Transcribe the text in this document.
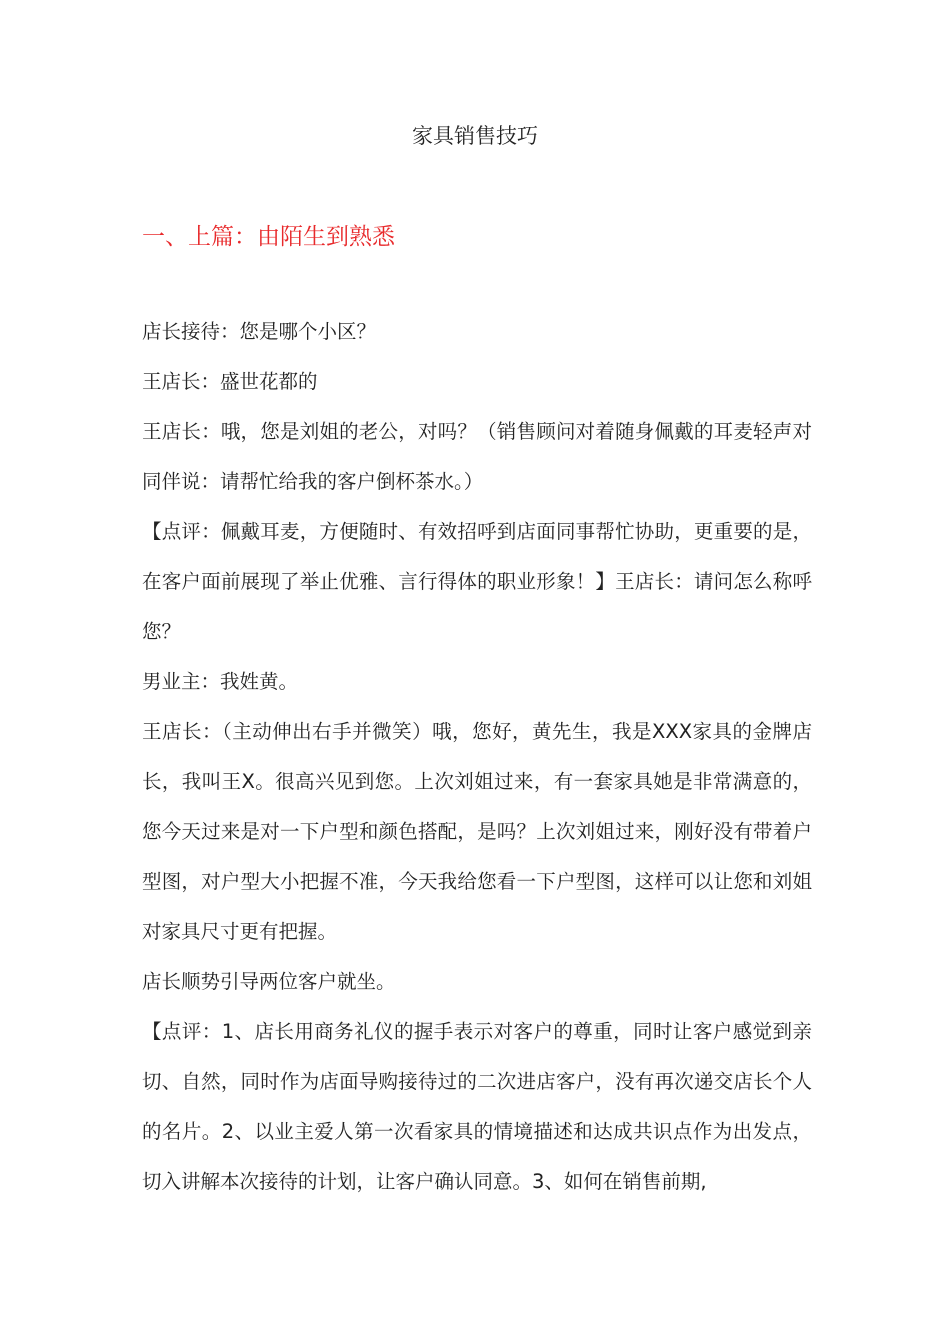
家具销售技巧
一、上篇：由陌生到熟悉

店长接待：您是哪个小区？

王店长：盛世花都的

王店长：哦，您是刘姐的老公，对吗？（销售顾问对着随身佩戴的耳麦轻声对同伴说：请帮忙给我的客户倒杯茶水。）

【点评：佩戴耳麦，方便随时、有效招呼到店面同事帮忙协助，更重要的是，在客户面前展现了举止优雅、言行得体的职业形象！】王店长：请问怎么称呼您？

男业主：我姓黄。

王店长：（主动伸出右手并微笑）哦，您好，黄先生，我是XXX家具的金牌店长，我叫王X。很高兴见到您。上次刘姐过来，有一套家具她是非常满意的，您今天过来是对一下户型和颜色搭配，是吗？上次刘姐过来，刚好没有带着户型图，对户型大小把握不准，今天我给您看一下户型图，这样可以让您和刘姐对家具尺寸更有把握。

店长顺势引导两位客户就坐。

【点评：1、店长用商务礼仪的握手表示对客户的尊重，同时让客户感觉到亲切、自然，同时作为店面导购接待过的二次进店客户，没有再次递交店长个人的名片。2、以业主爱人第一次看家具的情境描述和达成共识点作为出发点，切入讲解本次接待的计划，让客户确认同意。3、如何在销售前期,
